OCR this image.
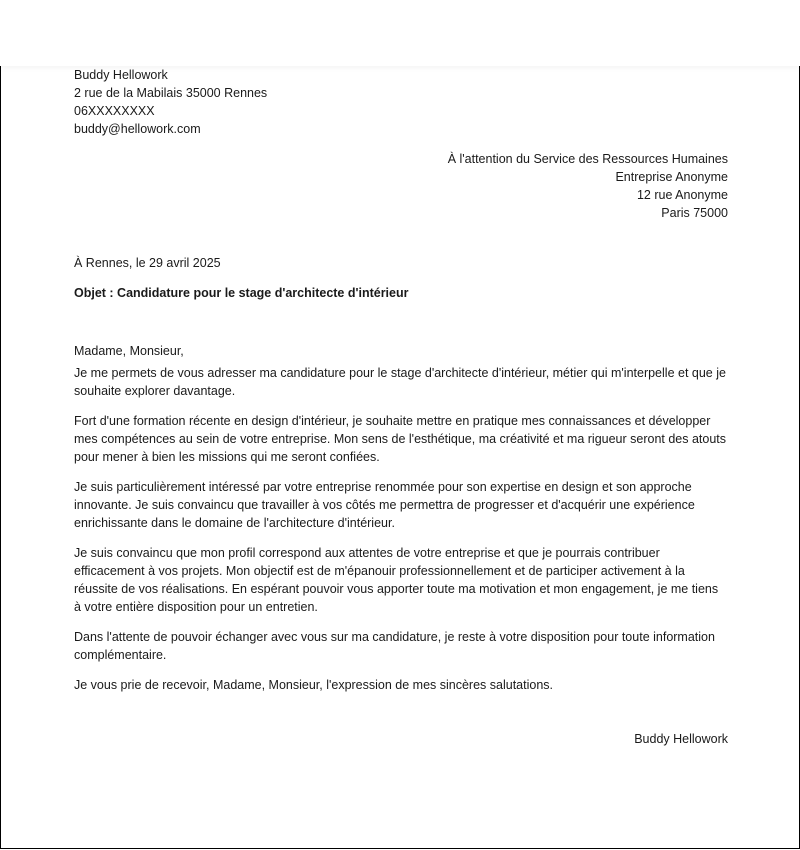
Buddy Hellowork
2 rue de la Mabilais 35000 Rennes
06XXXXXXXX
buddy@hellowork.com
À l'attention du Service des Ressources Humaines
Entreprise Anonyme
12 rue Anonyme
Paris 75000
À Rennes, le 29 avril 2025
Objet : Candidature pour le stage d'architecte d'intérieur
Madame, Monsieur,

Je me permets de vous adresser ma candidature pour le stage d'architecte d'intérieur, métier qui m'interpelle et que je souhaite explorer davantage.

Fort d'une formation récente en design d'intérieur, je souhaite mettre en pratique mes connaissances et développer mes compétences au sein de votre entreprise. Mon sens de l'esthétique, ma créativité et ma rigueur seront des atouts pour mener à bien les missions qui me seront confiées.

Je suis particulièrement intéressé par votre entreprise renommée pour son expertise en design et son approche innovante. Je suis convaincu que travailler à vos côtés me permettra de progresser et d'acquérir une expérience enrichissante dans le domaine de l'architecture d'intérieur.

Je suis convaincu que mon profil correspond aux attentes de votre entreprise et que je pourrais contribuer efficacement à vos projets. Mon objectif est de m'épanouir professionnellement et de participer activement à la réussite de vos réalisations. En espérant pouvoir vous apporter toute ma motivation et mon engagement, je me tiens à votre entière disposition pour un entretien.

Dans l'attente de pouvoir échanger avec vous sur ma candidature, je reste à votre disposition pour toute information complémentaire.

Je vous prie de recevoir, Madame, Monsieur, l'expression de mes sincères salutations.

Buddy Hellowork
